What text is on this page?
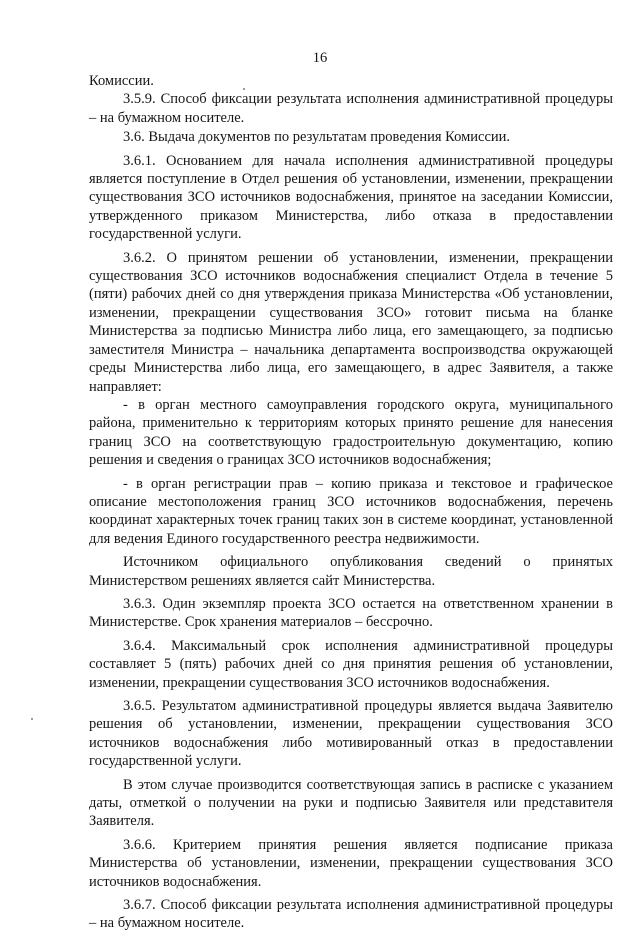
16

Комиссии.

3.5.9. Способ фиксации результата исполнения административной процедуры – на бумажном носителе.

3.6. Выдача документов по результатам проведения Комиссии.

3.6.1. Основанием для начала исполнения административной процедуры является поступление в Отдел решения об установлении, изменении, прекращении существования ЗСО источников водоснабжения, принятое на заседании Комиссии, утвержденного приказом Министерства, либо отказа в предоставлении государственной услуги.

3.6.2. О принятом решении об установлении, изменении, прекращении существования ЗСО источников водоснабжения специалист Отдела в течение 5 (пяти) рабочих дней со дня утверждения приказа Министерства «Об установлении, изменении, прекращении существования ЗСО» готовит письма на бланке Министерства за подписью Министра либо лица, его замещающего, за подписью заместителя Министра – начальника департамента воспроизводства окружающей среды Министерства либо лица, его замещающего, в адрес Заявителя, а также направляет:

- в орган местного самоуправления городского округа, муниципального района, применительно к территориям которых принято решение для нанесения границ ЗСО на соответствующую градостроительную документацию, копию решения и сведения о границах ЗСО источников водоснабжения;

- в орган регистрации прав – копию приказа и текстовое и графическое описание местоположения границ ЗСО источников водоснабжения, перечень координат характерных точек границ таких зон в системе координат, установленной для ведения Единого государственного реестра недвижимости.

Источником официального опубликования сведений о принятых Министерством решениях является сайт Министерства.

3.6.3. Один экземпляр проекта ЗСО остается на ответственном хранении в Министерстве. Срок хранения материалов – бессрочно.

3.6.4. Максимальный срок исполнения административной процедуры составляет 5 (пять) рабочих дней со дня принятия решения об установлении, изменении, прекращении существования ЗСО источников водоснабжения.

3.6.5. Результатом административной процедуры является выдача Заявителю решения об установлении, изменении, прекращении существования ЗСО источников водоснабжения либо мотивированный отказ в предоставлении государственной услуги.

В этом случае производится соответствующая запись в расписке с указанием даты, отметкой о получении на руки и подписью Заявителя или представителя Заявителя.

3.6.6. Критерием принятия решения является подписание приказа Министерства об установлении, изменении, прекращении существования ЗСО источников водоснабжения.

3.6.7. Способ фиксации результата исполнения административной процедуры – на бумажном носителе.
